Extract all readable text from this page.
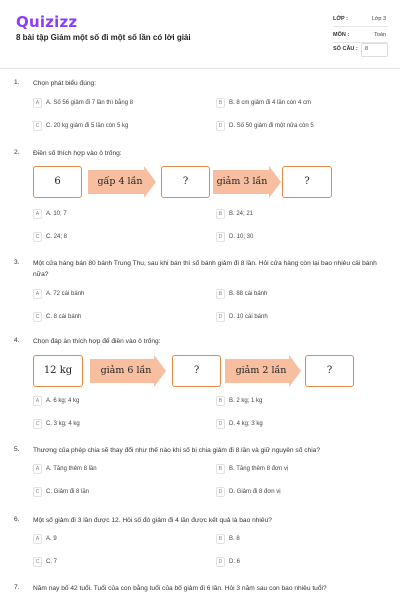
Quizizz
8 bài tập Giảm một số đi một số lần có lời giải
LỚP :	Lớp 3
MÔN :	Toán
SỐ CÂU : 8
1. Chọn phát biểu đúng:
A A. Số 56 giảm đi 7 lần thì bằng 8	B B. 8 cm giảm đi 4 lần còn 4 cm
C C. 20 kg giảm đi 5 lần còn 5 kg	D D. Số 50 giảm đi một nửa còn 5
2. Điền số thích hợp vào ô trống:
6	gấp 4 lần	?	giảm 3 lần	?
A A. 10; 7	B B. 24; 21
C C. 24; 8	D D. 10; 30
3. Một cửa hàng bán 80 bánh Trung Thu, sau khi bán thì số bánh giảm đi 8 lần. Hỏi cửa hàng còn lại bao nhiêu cái bánh nữa?
A A. 72 cái bánh	B B. 88 cái bánh
C C. 8 cái bánh	D D. 10 cái bánh
4. Chọn đáp án thích hợp để điền vào ô trống:
12 kg	giảm 6 lần	?	giảm 2 lần	?
A A. 6 kg; 4 kg	B B. 2 kg; 1 kg
C C. 3 kg; 4 kg	D D. 4 kg; 3 kg
5. Thương của phép chia sẽ thay đổi như thế nào khi số bị chia giảm đi 8 lần và giữ nguyên số chia?
A A. Tăng thêm 8 lần	B B. Tăng thêm 8 đơn vị
C C. Giảm đi 8 lần	D D. Giảm đi 8 đơn vị
6. Một số giảm đi 3 lần được 12. Hỏi số đó giảm đi 4 lần được kết quả là bao nhiêu?
A A. 9	B B. 8
C C. 7	D D. 6
7. Năm nay bố 42 tuổi. Tuổi của con bằng tuổi của bố giảm đi 6 lần. Hỏi 3 năm sau con bao nhiêu tuổi?
